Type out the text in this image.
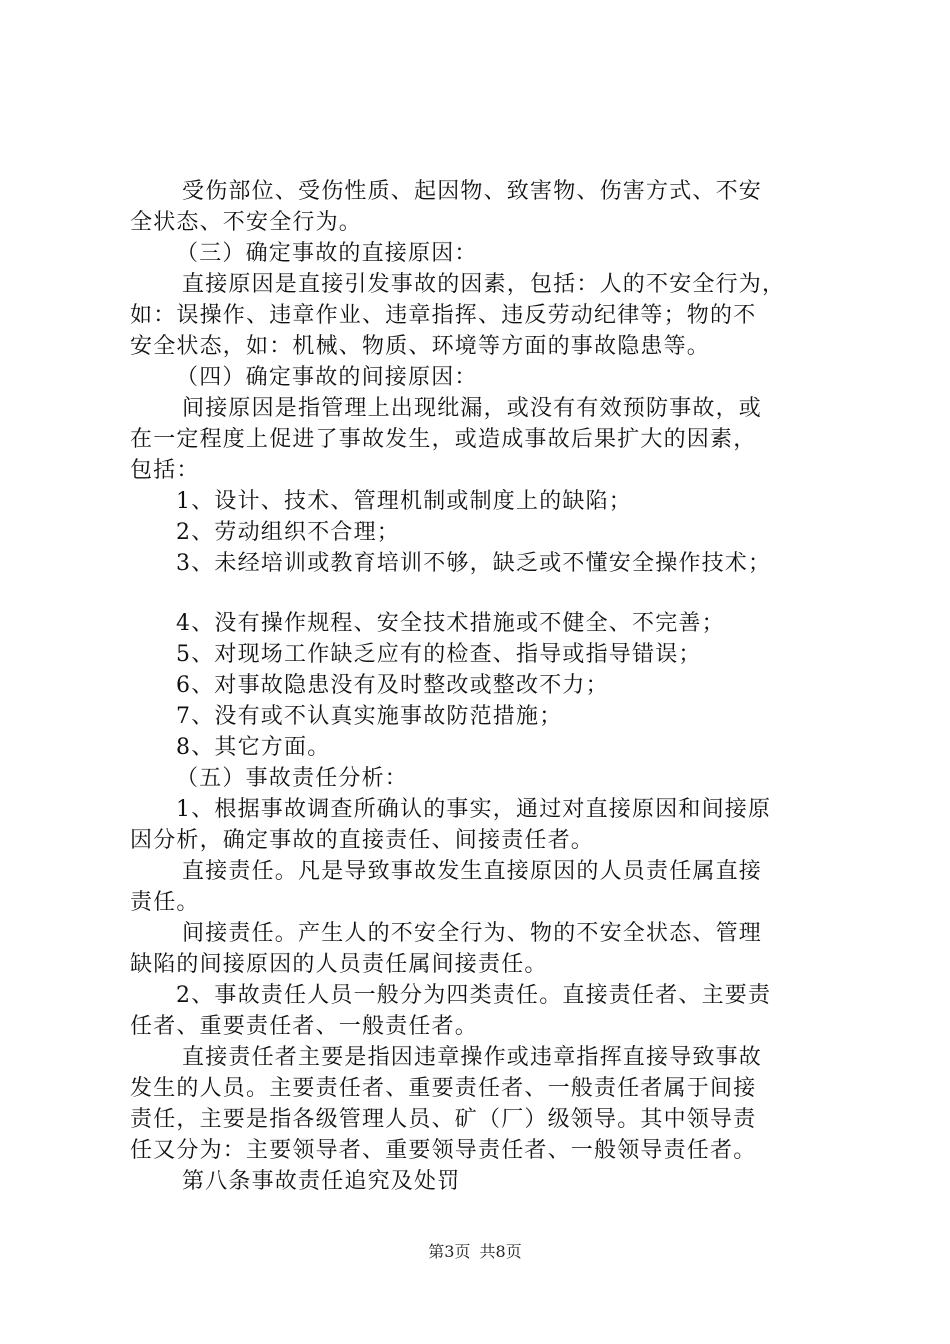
受伤部位、受伤性质、起因物、致害物、伤害方式、不安
全状态、不安全行为。
（三）确定事故的直接原因：
直接原因是直接引发事故的因素，包括：人的不安全行为，
如：误操作、违章作业、违章指挥、违反劳动纪律等；物的不
安全状态，如：机械、物质、环境等方面的事故隐患等。
（四）确定事故的间接原因：
间接原因是指管理上出现纰漏，或没有有效预防事故，或
在一定程度上促进了事故发生，或造成事故后果扩大的因素，
包括：
1、设计、技术、管理机制或制度上的缺陷；
2、劳动组织不合理；
3、未经培训或教育培训不够，缺乏或不懂安全操作技术；
4、没有操作规程、安全技术措施或不健全、不完善；
5、对现场工作缺乏应有的检查、指导或指导错误；
6、对事故隐患没有及时整改或整改不力；
7、没有或不认真实施事故防范措施；
8、其它方面。
（五）事故责任分析：
1、根据事故调查所确认的事实，通过对直接原因和间接原
因分析，确定事故的直接责任、间接责任者。
直接责任。凡是导致事故发生直接原因的人员责任属直接
责任。
间接责任。产生人的不安全行为、物的不安全状态、管理
缺陷的间接原因的人员责任属间接责任。
2、事故责任人员一般分为四类责任。直接责任者、主要责
任者、重要责任者、一般责任者。
直接责任者主要是指因违章操作或违章指挥直接导致事故
发生的人员。主要责任者、重要责任者、一般责任者属于间接
责任，主要是指各级管理人员、矿（厂）级领导。其中领导责
任又分为：主要领导者、重要领导责任者、一般领导责任者。
第八条事故责任追究及处罚
第3页 共8页
